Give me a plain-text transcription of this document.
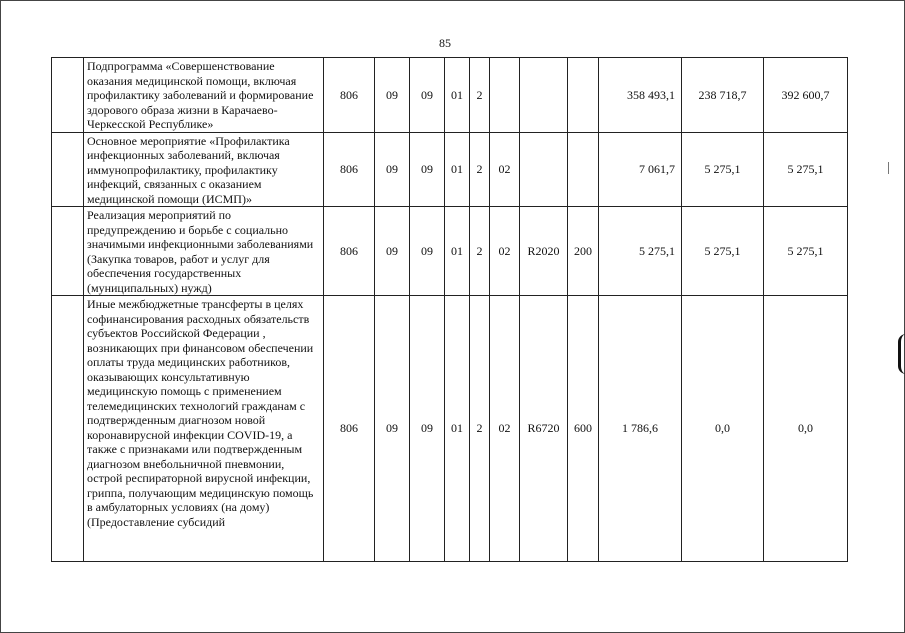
85
	Подпрограмма «Совершенствование оказания медицинской помощи, включая профилактику заболеваний и формирование здорового образа жизни в Карачаево-Черкесской Республике»	806	09	09	01	2				358 493,1	238 718,7	392 600,7
	Основное мероприятие «Профилактика инфекционных заболеваний, включая иммунопрофилактику, профилактику инфекций, связанных с оказанием медицинской помощи (ИСМП)»	806	09	09	01	2	02			7 061,7	5 275,1	5 275,1
	Реализация мероприятий по предупреждению и борьбе с социально значимыми инфекционными заболеваниями (Закупка товаров, работ и услуг для обеспечения государственных (муниципальных) нужд)	806	09	09	01	2	02	R2020	200	5 275,1	5 275,1	5 275,1
	Иные межбюджетные трансферты в целях софинансирования расходных обязательств субъектов Российской Федерации , возникающих при финансовом обеспечении оплаты труда медицинских работников, оказывающих консультативную медицинскую помощь с применением телемедицинских технологий гражданам с подтвержденным диагнозом новой коронавирусной инфекции COVID-19, а также с признаками или подтвержденным диагнозом внебольничной пневмонии, острой респираторной вирусной инфекции, гриппа, получающим медицинскую помощь в амбулаторных условиях (на дому) (Предоставление субсидий	806	09	09	01	2	02	R6720	600	1 786,6	0,0	0,0
